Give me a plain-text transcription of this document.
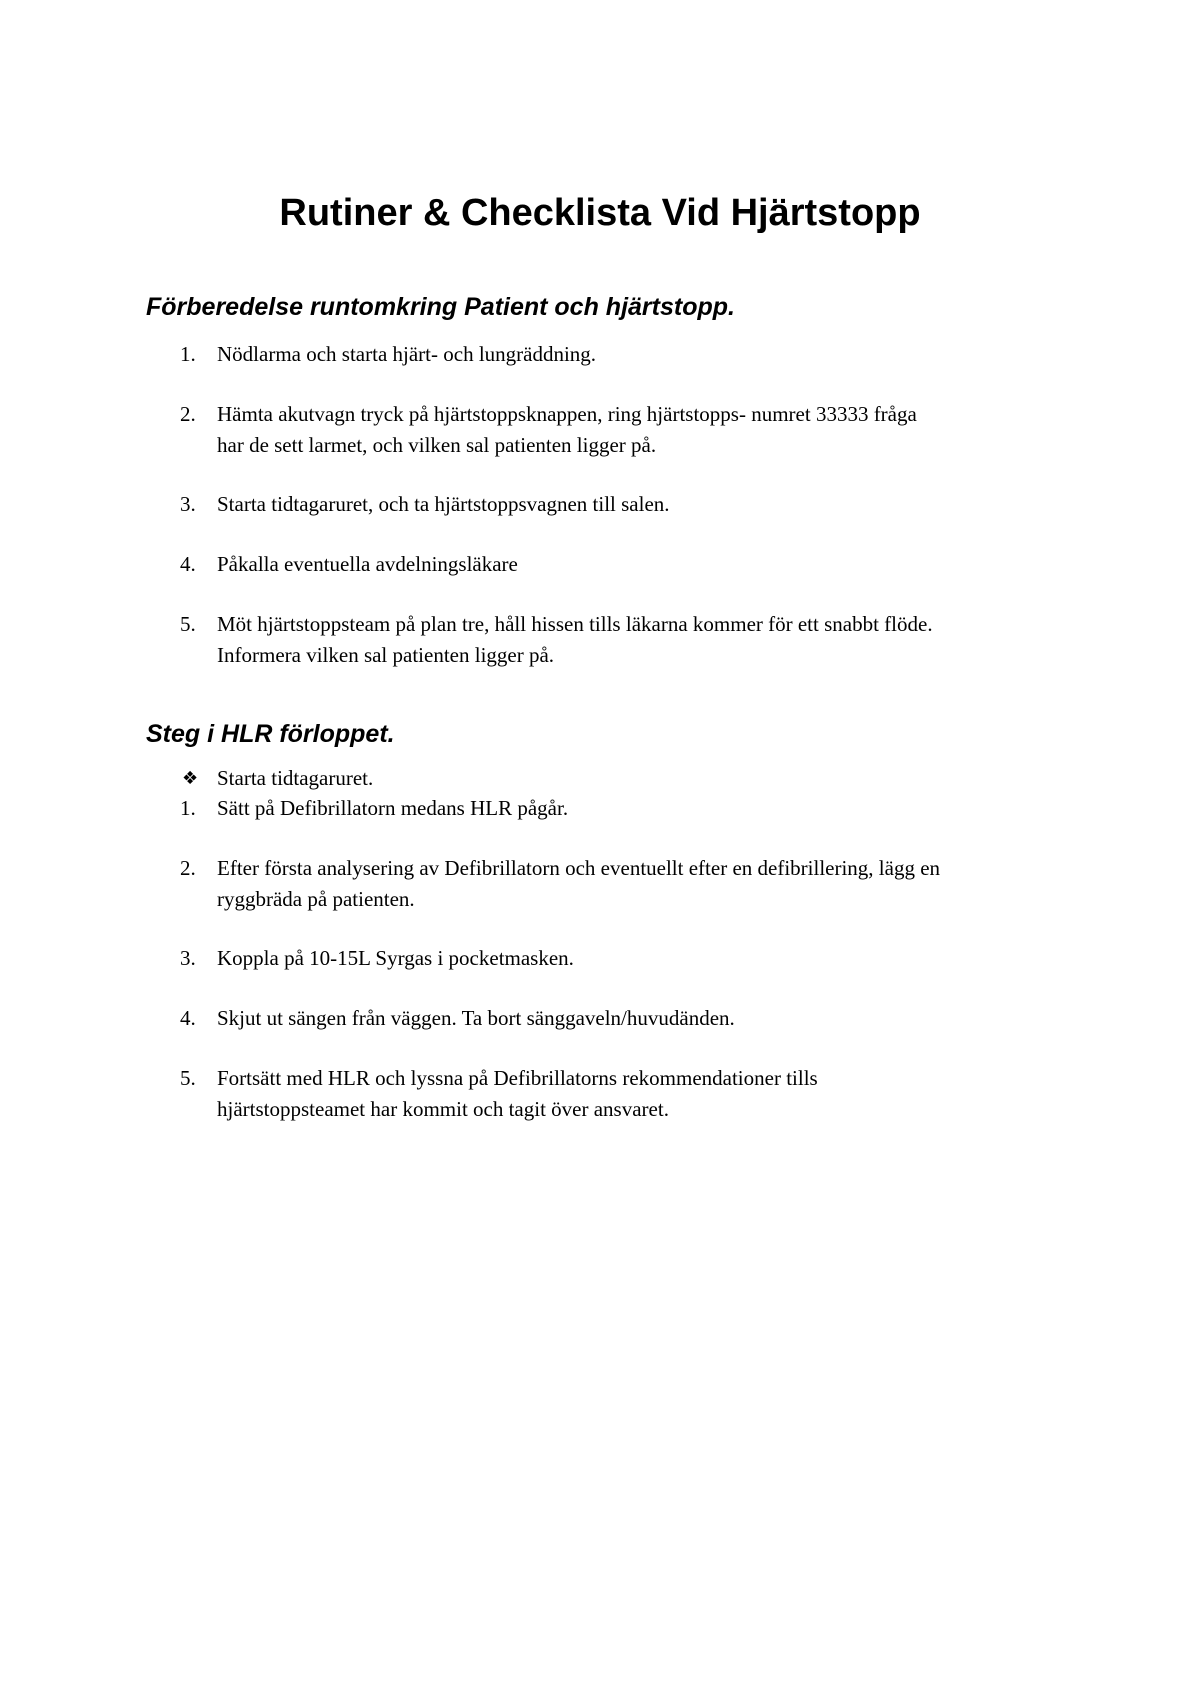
Rutiner & Checklista Vid Hjärtstopp
Förberedelse runtomkring Patient och hjärtstopp.
1.	Nödlarma och starta hjärt- och lungräddning.
2.	Hämta akutvagn tryck på hjärtstoppsknappen, ring hjärtstopps- numret 33333 fråga
har de sett larmet, och vilken sal patienten ligger på.
3.	Starta tidtagaruret, och ta hjärtstoppsvagnen till salen.
4.	Påkalla eventuella avdelningsläkare
5.	Möt hjärtstoppsteam på plan tre, håll hissen tills läkarna kommer för ett snabbt flöde.
Informera vilken sal patienten ligger på.
Steg i HLR förloppet.
❖ Starta tidtagaruret.
1.	Sätt på Defibrillatorn medans HLR pågår.
2.	Efter första analysering av Defibrillatorn och eventuellt efter en defibrillering, lägg en
ryggbräda på patienten.
3.	Koppla på 10-15L Syrgas i pocketmasken.
4.	Skjut ut sängen från väggen. Ta bort sänggaveln/huvudänden.
5.	Fortsätt med HLR och lyssna på Defibrillatorns rekommendationer tills
hjärtstoppsteamet har kommit och tagit över ansvaret.
